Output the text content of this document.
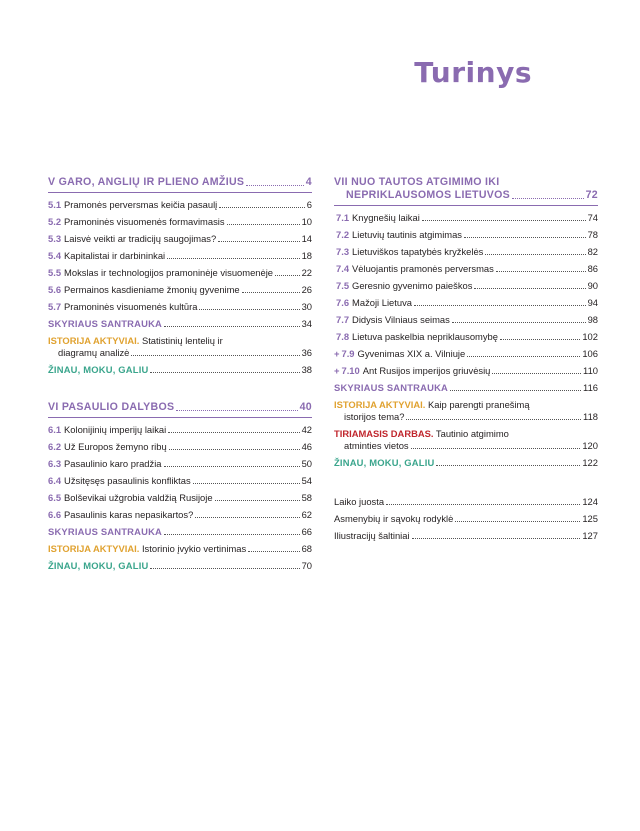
Turinys
V GARO, ANGLIŲ IR PLIENO AMŽIUS	4
5.1 Pramonės perversmas keičia pasaulį	6
5.2 Pramoninės visuomenės formavimasis	10
5.3 Laisvė veikti ar tradicijų saugojimas?	14
5.4 Kapitalistai ir darbininkai	18
5.5 Mokslas ir technologijos pramoninėje visuomenėje	22
5.6 Permainos kasdieniame žmonių gyvenime	26
5.7 Pramoninės visuomenės kultūra	30
SKYRIAUS SANTRAUKA	34
ISTORIJA AKTYVIAI. Statistinių lentelių ir
diagramų analizė	36
ŽINAU, MOKU, GALIU	38
VI PASAULIO DALYBOS	40
6.1 Kolonijinių imperijų laikai	42
6.2 Už Europos žemyno ribų	46
6.3 Pasaulinio karo pradžia	50
6.4 Užsitęsęs pasaulinis konfliktas	54
6.5 Bolševikai užgrobia valdžią Rusijoje	58
6.6 Pasaulinis karas nepasikartos?	62
SKYRIAUS SANTRAUKA	66
ISTORIJA AKTYVIAI. Istorinio įvykio vertinimas	68
ŽINAU, MOKU, GALIU	70
VII NUO TAUTOS ATGIMIMO IKI
NEPRIKLAUSOMOS LIETUVOS	72
7.1 Knygnešių laikai	74
7.2 Lietuvių tautinis atgimimas	78
7.3 Lietuviškos tapatybės kryžkelės	82
7.4 Vėluojantis pramonės perversmas	86
7.5 Geresnio gyvenimo paieškos	90
7.6 Mažoji Lietuva	94
7.7 Didysis Vilniaus seimas	98
7.8 Lietuva paskelbia nepriklausomybę	102
+ 7.9 Gyvenimas XIX a. Vilniuje	106
+ 7.10 Ant Rusijos imperijos griuvėsių	110
SKYRIAUS SANTRAUKA	116
ISTORIJA AKTYVIAI. Kaip parengti pranešimą
istorijos tema?	118
TIRIAMASIS DARBAS. Tautinio atgimimo
atminties vietos	120
ŽINAU, MOKU, GALIU	122
Laiko juosta	124
Asmenybių ir sąvokų rodyklė	125
Iliustracijų šaltiniai	127
